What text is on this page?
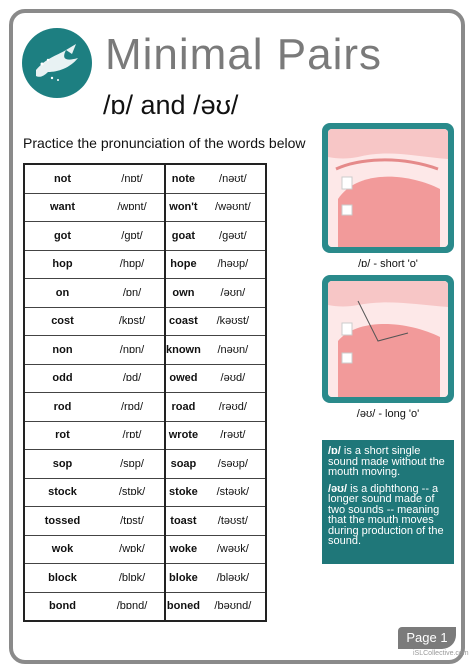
Minimal Pairs
/ɒ/ and /əʊ/
Practice the pronunciation of the words below
not	/nɒt/	note	/nəʊt/
want	/wɒnt/	won't	/wəʊnt/
got	/gɒt/	goat	/gəʊt/
hop	/hɒp/	hope	/həʊp/
on	/ɒn/	own	/əʊn/
cost	/kɒst/	coast	/kəʊst/
non	/nɒn/	known	/nəʊn/
odd	/ɒd/	owed	/əʊd/
rod	/rɒd/	road	/rəʊd/
rot	/rɒt/	wrote	/rəʊt/
sop	/sɒp/	soap	/səʊp/
stock	/stɒk/	stoke	/stəʊk/
tossed	/tɒst/	toast	/təʊst/
wok	/wɒk/	woke	/wəʊk/
block	/blɒk/	bloke	/bləʊk/
bond	/bɒnd/	boned	/bəʊnd/
/ɒ/ - short 'o'
/əʊ/ - long 'o'

/ɒ/ is a short single sound made without the mouth moving.

/əʊ/ is a diphthong -- a longer sound made of two sounds -- meaning that the mouth moves during production of the sound.

Page 1
iSLCollective.com
